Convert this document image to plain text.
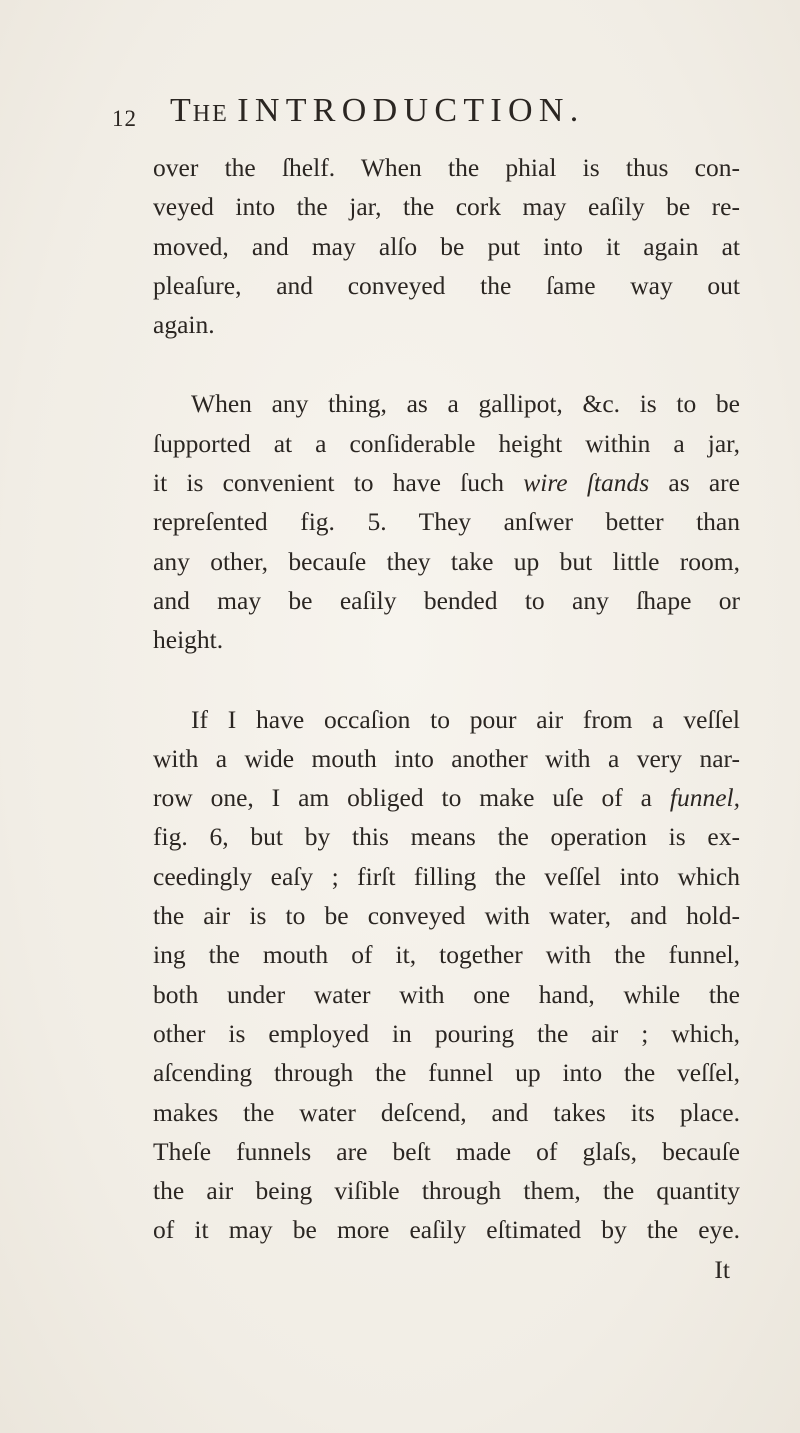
12 The INTRODUCTION.

over the ſhelf. When the phial is thus con-
veyed into the jar, the cork may eaſily be re-
moved, and may alſo be put into it again at
pleaſure, and conveyed the ſame way out
again.

When any thing, as a gallipot, &c. is to be
ſupported at a conſiderable height within a jar,
it is convenient to have ſuch wire ſtands as are
repreſented fig. 5. They anſwer better than
any other, becauſe they take up but little room,
and may be eaſily bended to any ſhape or
height.

If I have occaſion to pour air from a veſſel
with a wide mouth into another with a very nar-
row one, I am obliged to make uſe of a funnel,
fig. 6, but by this means the operation is ex-
ceedingly eaſy ; firſt filling the veſſel into which
the air is to be conveyed with water, and hold-
ing the mouth of it, together with the funnel,
both under water with one hand, while the
other is employed in pouring the air ; which,
aſcending through the funnel up into the veſſel,
makes the water deſcend, and takes its place.
Theſe funnels are beſt made of glaſs, becauſe
the air being viſible through them, the quantity
of it may be more eaſily eſtimated by the eye.
It
